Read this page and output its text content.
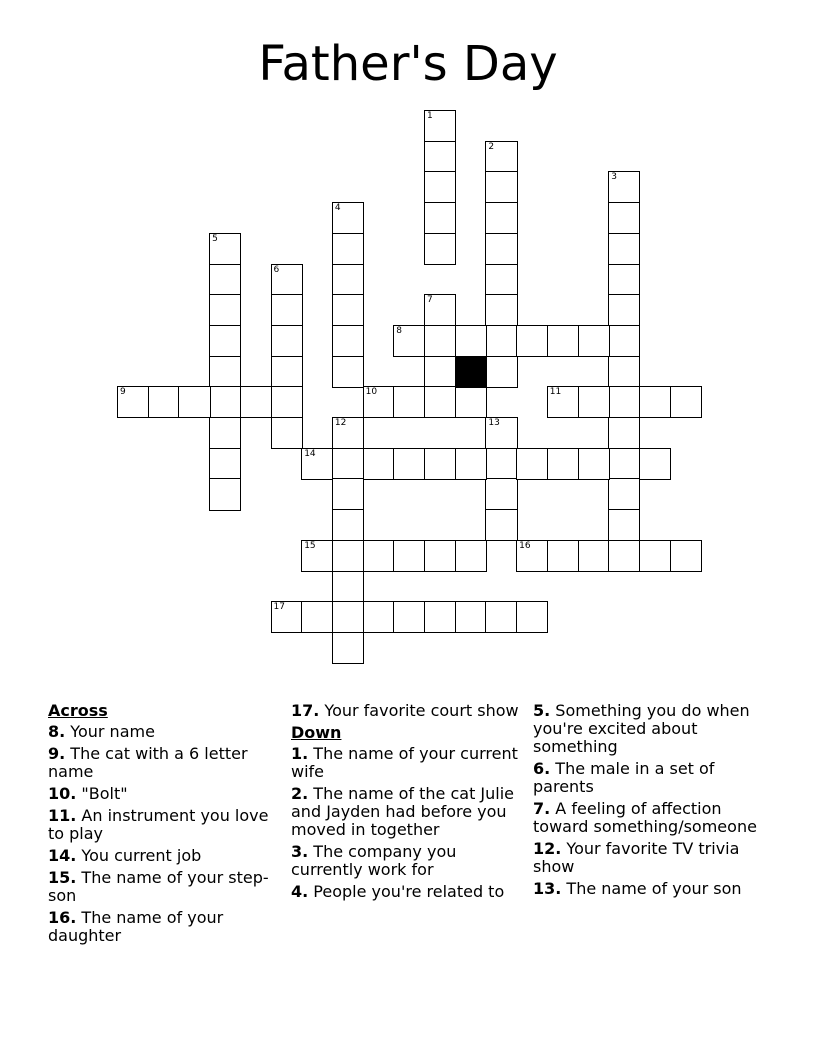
Father's Day
1
2
3
4
5
6
7
8
9	10	11
12	13
14
15	16
17
Across
8. Your name
9. The cat with a 6 letter name
10. "Bolt"
11. An instrument you love to play
14. You current job
15. The name of your step-son
16. The name of your daughter
17. Your favorite court show
Down
1. The name of your current wife
2. The name of the cat Julie and Jayden had before you moved in together
3. The company you currently work for
4. People you're related to
5. Something you do when you're excited about something
6. The male in a set of parents
7. A feeling of affection toward something/someone
12. Your favorite TV trivia show
13. The name of your son
